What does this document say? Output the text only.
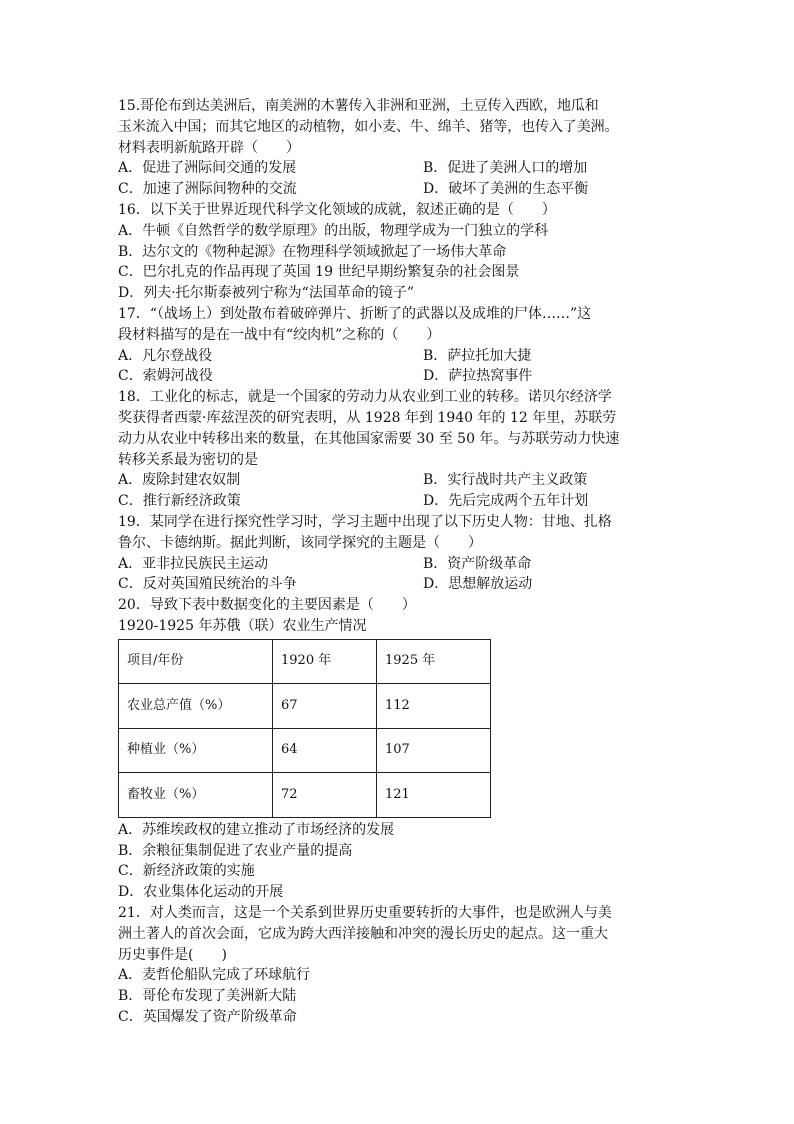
15.哥伦布到达美洲后，南美洲的木薯传入非洲和亚洲，土豆传入西欧，地瓜和
玉米流入中国；而其它地区的动植物，如小麦、牛、绵羊、猪等，也传入了美洲。
材料表明新航路开辟（　　）
A．促进了洲际间交通的发展	B．促进了美洲人口的增加
C．加速了洲际间物种的交流	D．破坏了美洲的生态平衡
16．以下关于世界近现代科学文化领域的成就，叙述正确的是（　　）
A．牛顿《自然哲学的数学原理》的出版，物理学成为一门独立的学科
B．达尔文的《物种起源》在物理科学领域掀起了一场伟大革命
C．巴尔扎克的作品再现了英国 19 世纪早期纷繁复杂的社会图景
D．列夫·托尔斯泰被列宁称为“法国革命的镜子”
17．“（战场上）到处散布着破碎弹片、折断了的武器以及成堆的尸体……”这
段材料描写的是在一战中有“绞肉机”之称的（　　）
A．凡尔登战役	B．萨拉托加大捷
C．索姆河战役	D．萨拉热窝事件
18．工业化的标志，就是一个国家的劳动力从农业到工业的转移。诺贝尔经济学
奖获得者西蒙·库兹涅茨的研究表明，从 1928 年到 1940 年的 12 年里，苏联劳
动力从农业中转移出来的数量，在其他国家需要 30 至 50 年。与苏联劳动力快速
转移关系最为密切的是
A．废除封建农奴制	B．实行战时共产主义政策
C．推行新经济政策	D．先后完成两个五年计划
19．某同学在进行探究性学习时，学习主题中出现了以下历史人物：甘地、扎格
鲁尔、卡德纳斯。据此判断，该同学探究的主题是（　　）
A．亚非拉民族民主运动	B．资产阶级革命
C．反对英国殖民统治的斗争	D．思想解放运动
20．导致下表中数据变化的主要因素是（　　）
1920-1925 年苏俄（联）农业生产情况
项目/年份	1920 年	1925 年
农业总产值（%）	67	112
种植业（%）	64	107
畜牧业（%）	72	121
A．苏维埃政权的建立推动了市场经济的发展
B．余粮征集制促进了农业产量的提高
C．新经济政策的实施
D．农业集体化运动的开展
21．对人类而言，这是一个关系到世界历史重要转折的大事件，也是欧洲人与美
洲土著人的首次会面，它成为跨大西洋接触和冲突的漫长历史的起点。这一重大
历史事件是(　　)
A．麦哲伦船队完成了环球航行
B．哥伦布发现了美洲新大陆
C．英国爆发了资产阶级革命
